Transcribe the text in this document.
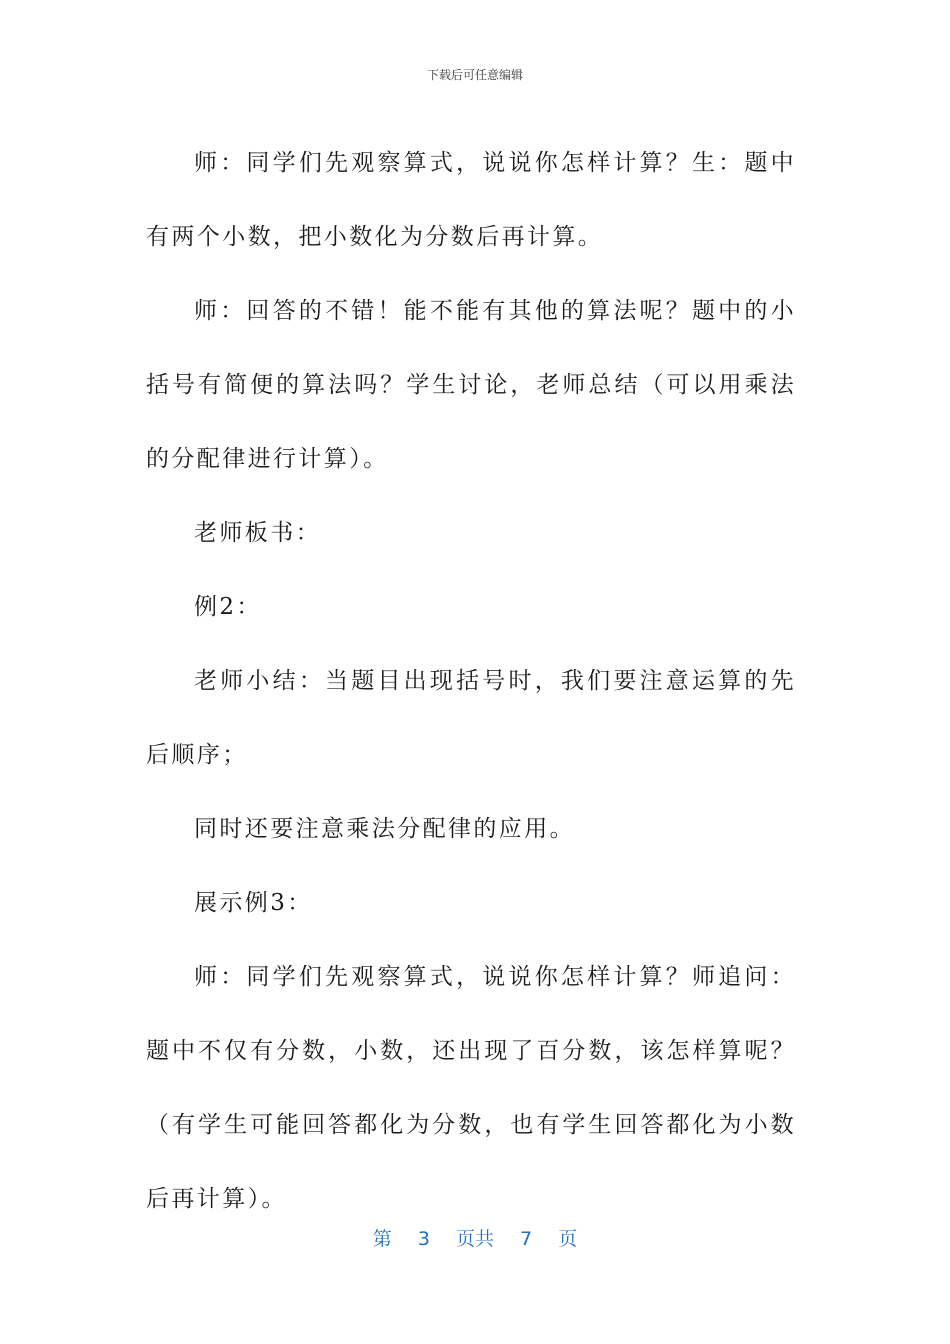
下载后可任意编辑

师：同学们先观察算式，说说你怎样计算？生：题中有两个小数，把小数化为分数后再计算。

师：回答的不错！能不能有其他的算法呢？题中的小括号有简便的算法吗？学生讨论，老师总结（可以用乘法的分配律进行计算）。

老师板书：

例2：

老师小结：当题目出现括号时，我们要注意运算的先后顺序；

同时还要注意乘法分配律的应用。

展示例3：

师：同学们先观察算式，说说你怎样计算？师追问：题中不仅有分数，小数，还出现了百分数，该怎样算呢？（有学生可能回答都化为分数，也有学生回答都化为小数后再计算）。

第 3 页共 7 页
